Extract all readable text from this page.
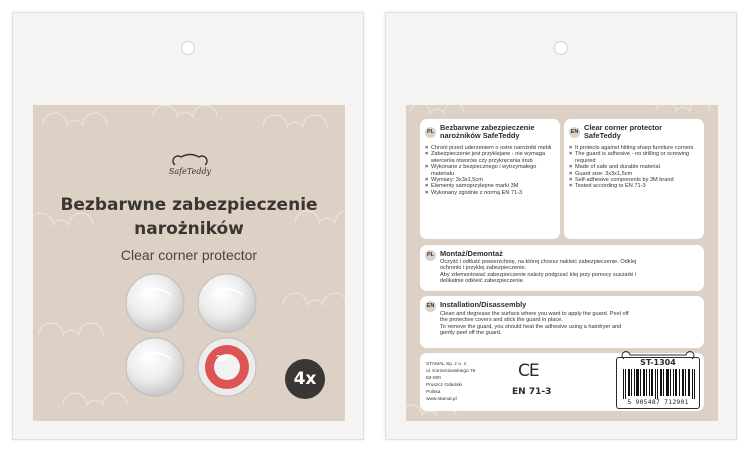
SafeTeddy
Bezbarwne zabezpieczenie
narożników
Clear corner protector
3M
4x
PL Bezbarwne zabezpieczenie
narożników SafeTeddy
× Chroni przed uderzeniem o ostre narożniki mebli
× Zabezpieczenie jest przyklejane - nie wymaga wiercenia otworów czy przykręcania śrub
× Wykonane z bezpiecznego i wytrzymałego materiału
× Wymiary: 3x3x1,5cm
× Elementy samoprzylepne marki 3M
× Wykonany zgodnie z normą EN 71-3
EN Clear corner protector
SafeTeddy
× It protects against hitting sharp furniture corners
× The guard is adhesive - no drilling or screwing required
× Made of safe and durable material
× Guard size: 3x3x1,5cm
× Self-adhesive components by 3M brand
× Tested according to EN 71-3
PL Montaż/Demontaż
Oczyść i odtłuść powierzchnię, na której chcesz nakleić zabezpieczenie. Odklej
ochronki i przyklej zabezpieczenie.
Aby zdemontować zabezpieczenie należy podgrzać klej przy pomocy suszarki i
delikatnie odkleić zabezpieczenie.
EN Installation/Disassembly
Clean and degrease the surface where you want to apply the guard. Peel off
the protective covers and stick the guard in place.
To remove the guard, you should heat the adhesive using a hairdryer and
gently peel off the guard.
STAMAL Sp. z o. o
ul. Korzeniowskiego 76
83-000
Pruszcz Gdański
Polska
www.stamal.pl
CE
EN 71-3
ST-1304
5 905487 712901
